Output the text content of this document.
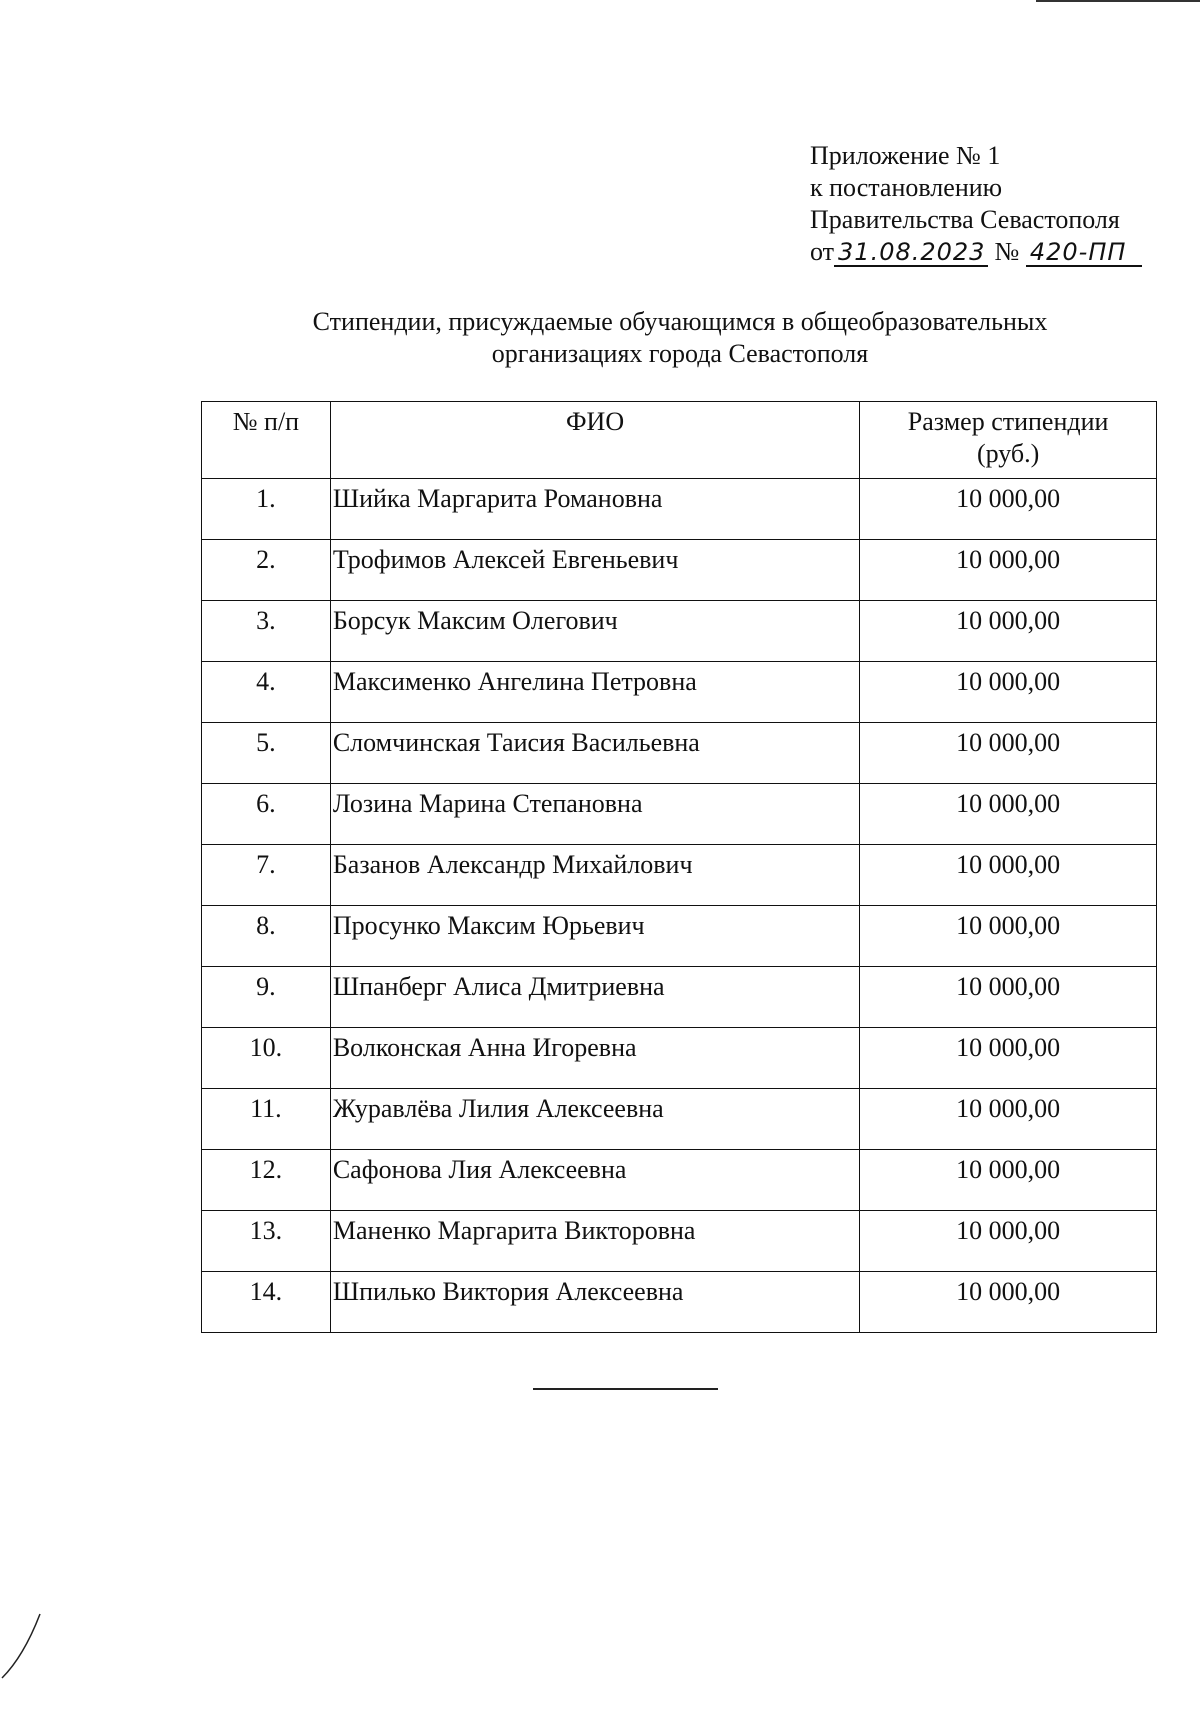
Приложение № 1
к постановлению
Правительства Севастополя
от 31.08.2023 № 420-ПП
Стипендии, присуждаемые обучающимся в общеобразовательных
организациях города Севастополя
№ п/п	ФИО	Размер стипендии
(руб.)

1.	Шийка Маргарита Романовна	10 000,00
2.	Трофимов Алексей Евгеньевич	10 000,00
3.	Борсук Максим Олегович	10 000,00
4.	Максименко Ангелина Петровна	10 000,00
5.	Сломчинская Таисия Васильевна	10 000,00
6.	Лозина Марина Степановна	10 000,00
7.	Базанов Александр Михайлович	10 000,00
8.	Просунко Максим Юрьевич	10 000,00
9.	Шпанберг Алиса Дмитриевна	10 000,00
10.	Волконская Анна Игоревна	10 000,00
11.	Журавлёва Лилия Алексеевна	10 000,00
12.	Сафонова Лия Алексеевна	10 000,00
13.	Маненко Маргарита Викторовна	10 000,00
14.	Шпилько Виктория Алексеевна	10 000,00
